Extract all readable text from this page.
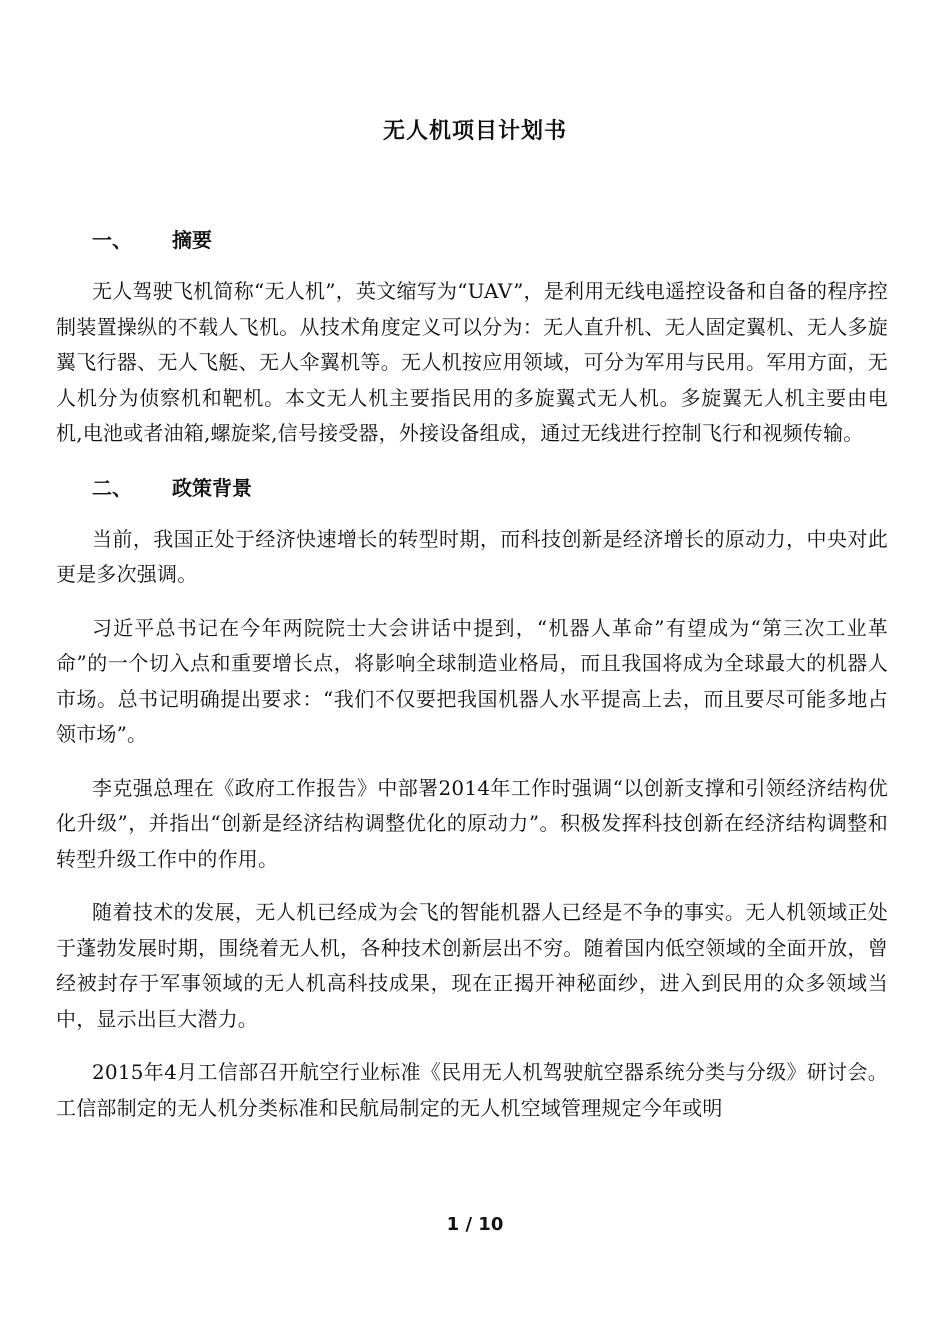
无人机项目计划书
一、	摘要

无人驾驶飞机简称“无人机”，英文缩写为“UAV”，是利用无线电遥控设备和自备的程序控制装置操纵的不载人飞机。从技术角度定义可以分为：无人直升机、无人固定翼机、无人多旋翼飞行器、无人飞艇、无人伞翼机等。无人机按应用领域，可分为军用与民用。军用方面，无人机分为侦察机和靶机。本文无人机主要指民用的多旋翼式无人机。多旋翼无人机主要由电机,电池或者油箱,螺旋桨,信号接受器，外接设备组成，通过无线进行控制飞行和视频传输。

二、	政策背景

当前，我国正处于经济快速增长的转型时期，而科技创新是经济增长的原动力，中央对此更是多次强调。

习近平总书记在今年两院院士大会讲话中提到，“机器人革命”有望成为“第三次工业革命”的一个切入点和重要增长点，将影响全球制造业格局，而且我国将成为全球最大的机器人市场。总书记明确提出要求：“我们不仅要把我国机器人水平提高上去，而且要尽可能多地占领市场”。

李克强总理在《政府工作报告》中部署2014年工作时强调“以创新支撑和引领经济结构优化升级”，并指出“创新是经济结构调整优化的原动力”。积极发挥科技创新在经济结构调整和转型升级工作中的作用。

随着技术的发展，无人机已经成为会飞的智能机器人已经是不争的事实。无人机领域正处于蓬勃发展时期，围绕着无人机，各种技术创新层出不穷。随着国内低空领域的全面开放，曾经被封存于军事领域的无人机高科技成果，现在正揭开神秘面纱，进入到民用的众多领域当中，显示出巨大潜力。

2015年4月工信部召开航空行业标准《民用无人机驾驶航空器系统分类与分级》研讨会。工信部制定的无人机分类标准和民航局制定的无人机空域管理规定今年或明

1 / 10
